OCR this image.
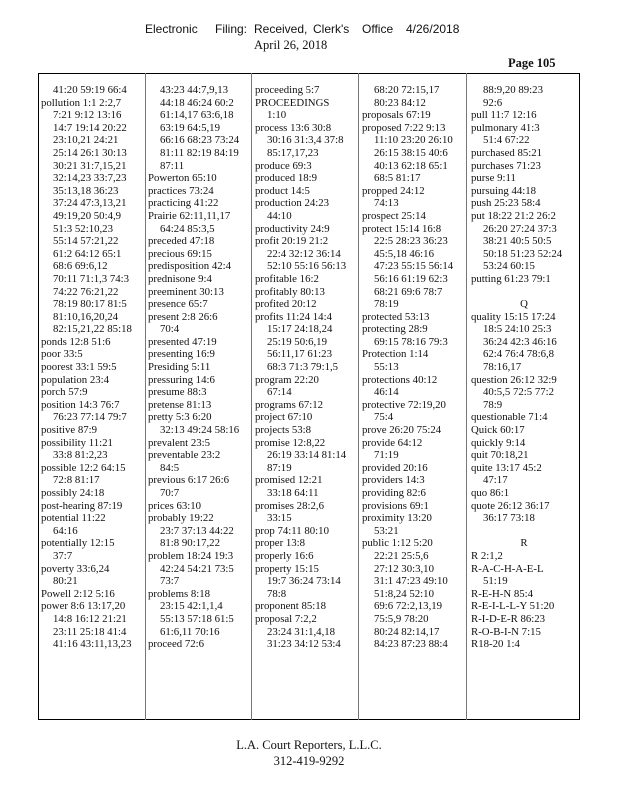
Electronic Filing: Received, Clerk's Office 4/26/2018
April 26, 2018
Page 105
41:20 59:19 66:4
pollution 1:1 2:2,7
7:21 9:12 13:16
14:7 19:14 20:22
23:10,21 24:21
25:14 26:1 30:13
30:21 31:7,15,21
32:14,23 33:7,23
35:13,18 36:23
37:24 47:3,13,21
49:19,20 50:4,9
51:3 52:10,23
55:14 57:21,22
61:2 64:12 65:1
68:6 69:6,12
70:11 71:1,3 74:3
74:22 76:21,22
78:19 80:17 81:5
81:10,16,20,24
82:15,21,22 85:18
ponds 12:8 51:6
poor 33:5
poorest 33:1 59:5
population 23:4
porch 57:9
position 14:3 76:7
76:23 77:14 79:7
positive 87:9
possibility 11:21
33:8 81:2,23
possible 12:2 64:15
72:8 81:17
possibly 24:18
post-hearing 87:19
potential 11:22
64:16
potentially 12:15
37:7
poverty 33:6,24
80:21
Powell 2:12 5:16
power 8:6 13:17,20
14:8 16:12 21:21
23:11 25:18 41:4
41:16 43:11,13,23
43:23 44:7,9,13
44:18 46:24 60:2
61:14,17 63:6,18
63:19 64:5,19
66:16 68:23 73:24
81:11 82:19 84:19
87:11
Powerton 65:10
practices 73:24
practicing 41:22
Prairie 62:11,11,17
64:24 85:3,5
preceded 47:18
precious 69:15
predisposition 42:4
prednisone 9:4
preeminent 30:13
presence 65:7
present 2:8 26:6
70:4
presented 47:19
presenting 16:9
Presiding 5:11
pressuring 14:6
presume 88:3
pretense 81:13
pretty 5:3 6:20
32:13 49:24 58:16
prevalent 23:5
preventable 23:2
84:5
previous 6:17 26:6
70:7
prices 63:10
probably 19:22
23:7 37:13 44:22
81:8 90:17,22
problem 18:24 19:3
42:24 54:21 73:5
73:7
problems 8:18
23:15 42:1,1,4
55:13 57:18 61:5
61:6,11 70:16
proceed 72:6
proceeding 5:7
PROCEEDINGS
1:10
process 13:6 30:8
30:16 31:3,4 37:8
85:17,17,23
produce 69:3
produced 18:9
product 14:5
production 24:23
44:10
productivity 24:9
profit 20:19 21:2
22:4 32:12 36:14
52:10 55:16 56:13
profitable 16:2
profitably 80:13
profited 20:12
profits 11:24 14:4
15:17 24:18,24
25:19 50:6,19
56:11,17 61:23
68:3 71:3 79:1,5
program 22:20
67:14
programs 67:12
project 67:10
projects 53:8
promise 12:8,22
26:19 33:14 81:14
87:19
promised 12:21
33:18 64:11
promises 28:2,6
33:15
prop 74:11 80:10
proper 13:8
properly 16:6
property 15:15
19:7 36:24 73:14
78:8
proponent 85:18
proposal 7:2,2
23:24 31:1,4,18
31:23 34:12 53:4
68:20 72:15,17
80:23 84:12
proposals 67:19
proposed 7:22 9:13
11:10 23:20 26:10
26:15 38:15 40:6
40:13 62:18 65:1
68:5 81:17
propped 24:12
74:13
prospect 25:14
protect 15:14 16:8
22:5 28:23 36:23
45:5,18 46:16
47:23 55:15 56:14
56:16 61:19 62:3
68:21 69:6 78:7
78:19
protected 53:13
protecting 28:9
69:15 78:16 79:3
Protection 1:14
55:13
protections 40:12
46:14
protective 72:19,20
75:4
prove 26:20 75:24
provide 64:12
71:19
provided 20:16
providers 14:3
providing 82:6
provisions 69:1
proximity 13:20
53:21
public 1:12 5:20
22:21 25:5,6
27:12 30:3,10
31:1 47:23 49:10
51:8,24 52:10
69:6 72:2,13,19
75:5,9 78:20
80:24 82:14,17
84:23 87:23 88:4
88:9,20 89:23
92:6
pull 11:7 12:16
pulmonary 41:3
51:4 67:22
purchased 85:21
purchases 71:23
purse 9:11
pursuing 44:18
push 25:23 58:4
put 18:22 21:2 26:2
26:20 27:24 37:3
38:21 40:5 50:5
50:18 51:23 52:24
53:24 60:15
putting 61:23 79:1

Q
quality 15:15 17:24
18:5 24:10 25:3
36:24 42:3 46:16
62:4 76:4 78:6,8
78:16,17
question 26:12 32:9
40:5,5 72:5 77:2
78:9
questionable 71:4
Quick 60:17
quickly 9:14
quit 70:18,21
quite 13:17 45:2
47:17
quo 86:1
quote 26:12 36:17
36:17 73:18

R
R 2:1,2
R-A-C-H-A-E-L
51:19
R-E-H-N 85:4
R-E-I-L-L-Y 51:20
R-I-D-E-R 86:23
R-O-B-I-N 7:15
R18-20 1:4
L.A. Court Reporters, L.L.C.
312-419-9292
